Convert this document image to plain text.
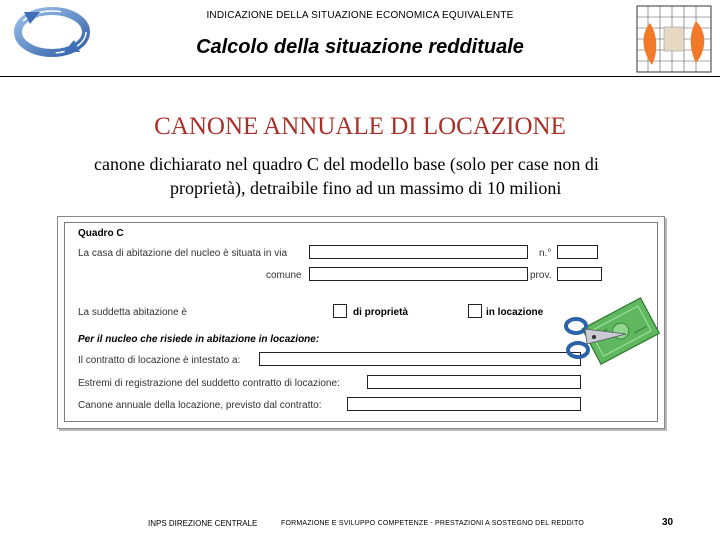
INDICAZIONE DELLA SITUAZIONE ECONOMICA EQUIVALENTE
Calcolo della situazione reddituale
CANONE ANNUALE DI LOCAZIONE
canone dichiarato nel quadro C del modello base (solo per case non di
proprietà), detraibile fino ad un massimo di 10 milioni
Quadro C
La casa di abitazione del nucleo è situata in via	n.°
comune	prov.
La suddetta abitazione è	di proprietà	in locazione
Per il nucleo che risiede in abitazione in locazione:
Il contratto di locazione è intestato a:
Estremi di registrazione del suddetto contratto di locazione:
Canone annuale della locazione, previsto dal contratto:
INPS DIREZIONE CENTRALE	FORMAZIONE E SVILUPPO COMPETENZE - PRESTAZIONI A SOSTEGNO DEL REDDITO	30
